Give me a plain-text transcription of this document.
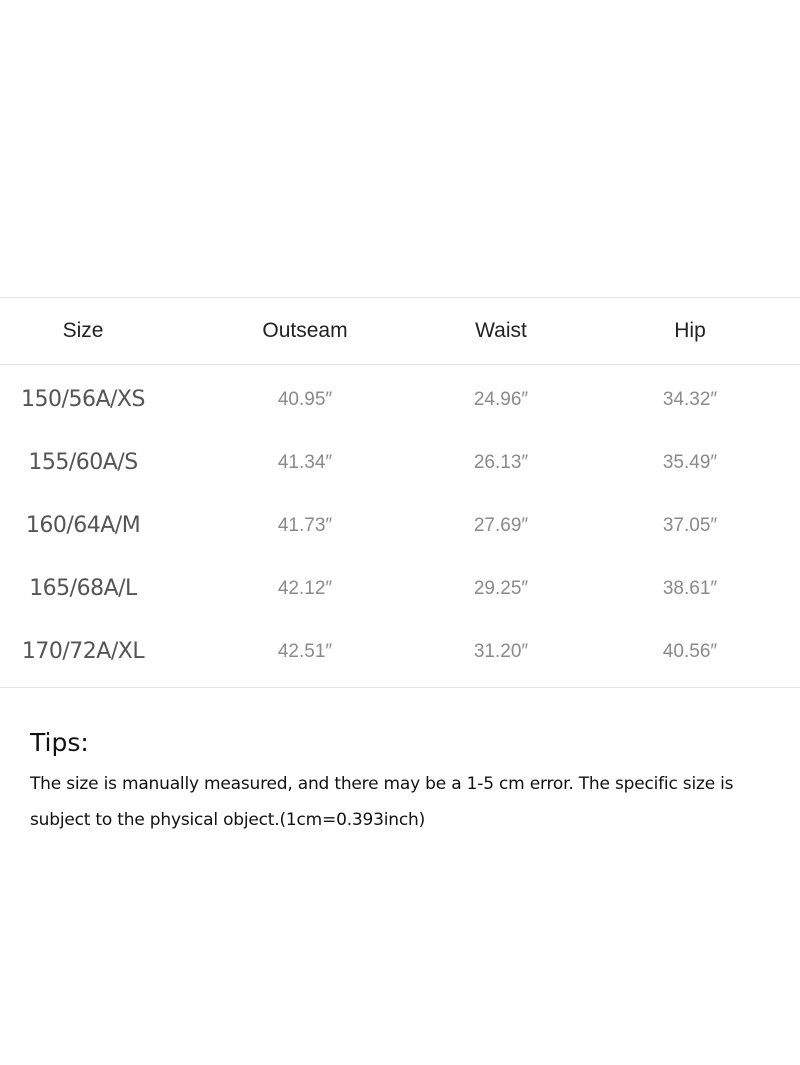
Size	Outseam	Waist	Hip
150/56A/XS	40.95″	24.96″	34.32″
155/60A/S	41.34″	26.13″	35.49″
160/64A/M	41.73″	27.69″	37.05″
165/68A/L	42.12″	29.25″	38.61″
170/72A/XL	42.51″	31.20″	40.56″
Tips:

The size is manually measured, and there may be a 1-5 cm error. The specific size is subject to the physical object.(1cm=0.393inch)
